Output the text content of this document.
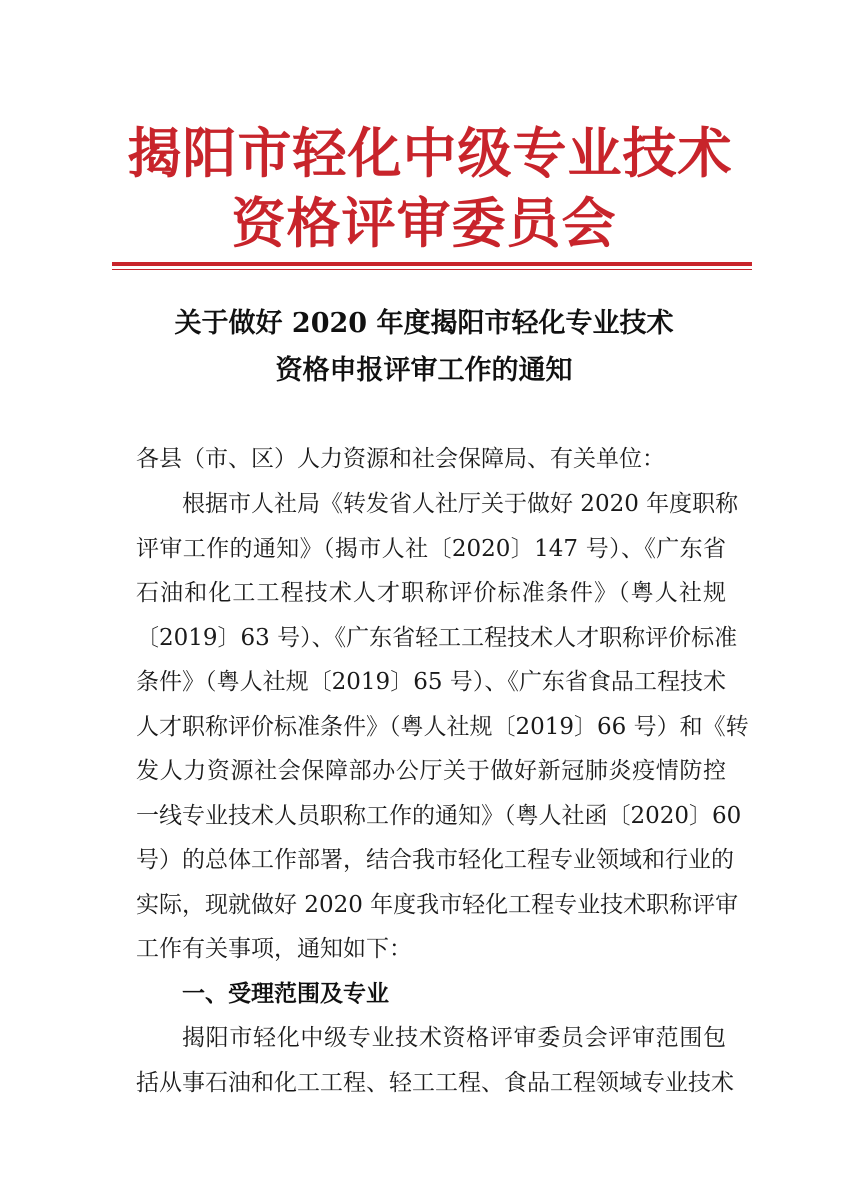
揭阳市轻化中级专业技术
资格评审委员会
关于做好 2020 年度揭阳市轻化专业技术
资格申报评审工作的通知
各县（市、区）人力资源和社会保障局、有关单位：
根据市人社局《转发省人社厅关于做好 2020 年度职称
评审工作的通知》（揭市人社〔2020〕147 号）、《广东省
石油和化工工程技术人才职称评价标准条件》（粤人社规
〔2019〕63 号）、《广东省轻工工程技术人才职称评价标准
条件》（粤人社规〔2019〕65 号）、《广东省食品工程技术
人才职称评价标准条件》（粤人社规〔2019〕66 号）和《转
发人力资源社会保障部办公厅关于做好新冠肺炎疫情防控
一线专业技术人员职称工作的通知》（粤人社函〔2020〕60
号）的总体工作部署，结合我市轻化工程专业领域和行业的
实际，现就做好 2020 年度我市轻化工程专业技术职称评审
工作有关事项，通知如下：
一、受理范围及专业
揭阳市轻化中级专业技术资格评审委员会评审范围包
括从事石油和化工工程、轻工工程、食品工程领域专业技术
